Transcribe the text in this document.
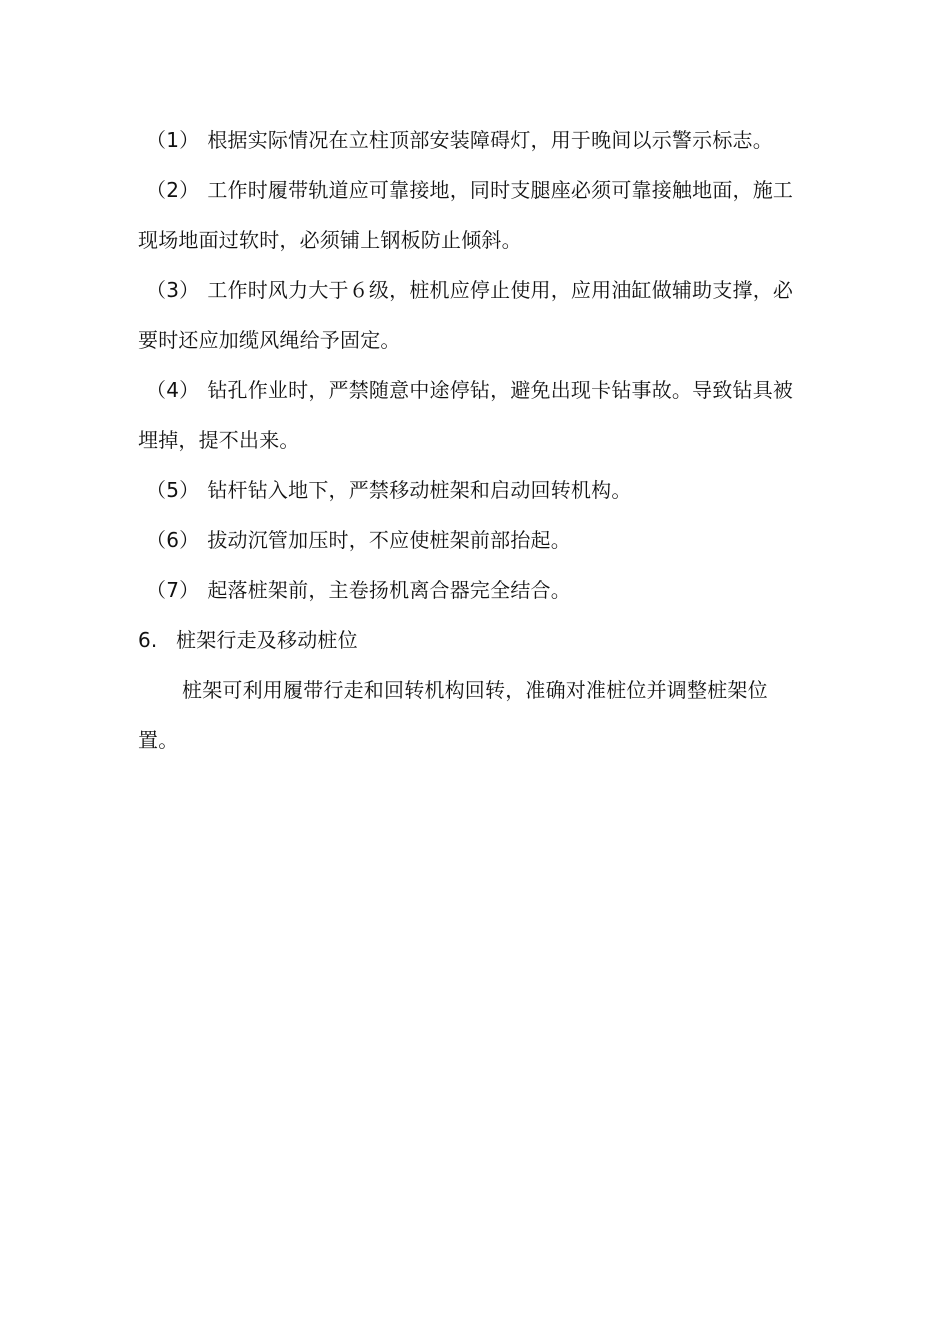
（1） 根据实际情况在立柱顶部安装障碍灯，用于晚间以示警示标志。
（2） 工作时履带轨道应可靠接地，同时支腿座必须可靠接触地面，施工
现场地面过软时，必须铺上钢板防止倾斜。
（3） 工作时风力大于６级，桩机应停止使用，应用油缸做辅助支撑，必
要时还应加缆风绳给予固定。
（4） 钻孔作业时，严禁随意中途停钻，避免出现卡钻事故。导致钻具被
埋掉，提不出来。
（5） 钻杆钻入地下，严禁移动桩架和启动回转机构。
（6） 拔动沉管加压时，不应使桩架前部抬起。
（7） 起落桩架前，主卷扬机离合器完全结合。
6. 桩架行走及移动桩位
桩架可利用履带行走和回转机构回转，准确对准桩位并调整桩架位
置。
